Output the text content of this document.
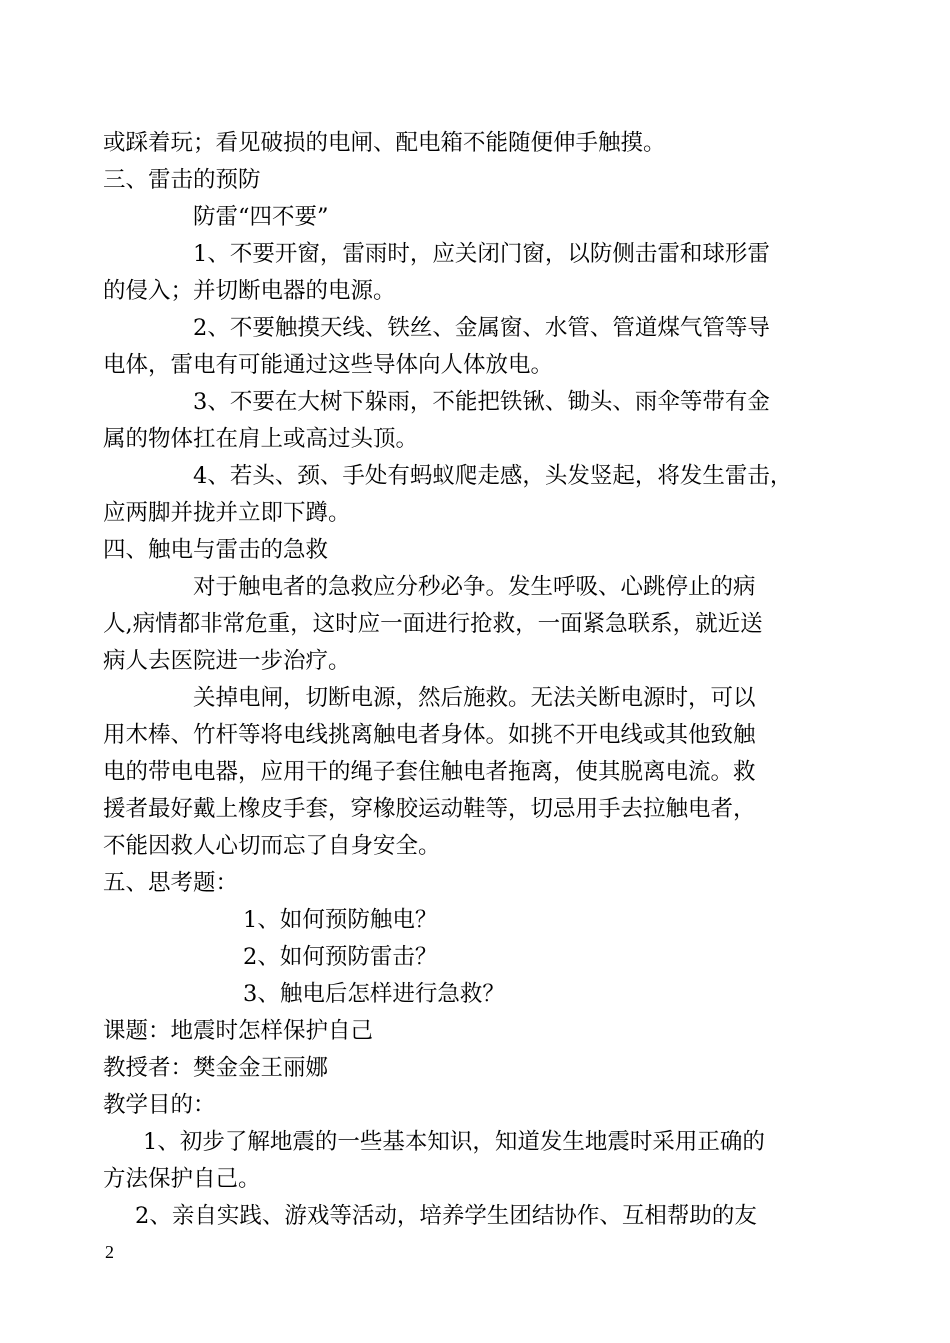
或踩着玩；看见破损的电闸、配电箱不能随便伸手触摸。
三、雷击的预防
防雷“四不要”
1、不要开窗，雷雨时，应关闭门窗，以防侧击雷和球形雷
的侵入；并切断电器的电源。
2、不要触摸天线、铁丝、金属窗、水管、管道煤气管等导
电体，雷电有可能通过这些导体向人体放电。
3、不要在大树下躲雨，不能把铁锹、锄头、雨伞等带有金
属的物体扛在肩上或高过头顶。
4、若头、颈、手处有蚂蚁爬走感，头发竖起，将发生雷击，
应两脚并拢并立即下蹲。
四、触电与雷击的急救
对于触电者的急救应分秒必争。发生呼吸、心跳停止的病
人,病情都非常危重，这时应一面进行抢救，一面紧急联系，就近送
病人去医院进一步治疗。
关掉电闸，切断电源，然后施救。无法关断电源时，可以
用木棒、竹杆等将电线挑离触电者身体。如挑不开电线或其他致触
电的带电电器，应用干的绳子套住触电者拖离，使其脱离电流。救
援者最好戴上橡皮手套，穿橡胶运动鞋等，切忌用手去拉触电者，
不能因救人心切而忘了自身安全。
五、思考题：
1、如何预防触电？
2、如何预防雷击？
3、触电后怎样进行急救？
课题：地震时怎样保护自己
教授者：樊金金王丽娜
教学目的：
1、初步了解地震的一些基本知识，知道发生地震时采用正确的
方法保护自己。
2、亲自实践、游戏等活动，培养学生团结协作、互相帮助的友
2
